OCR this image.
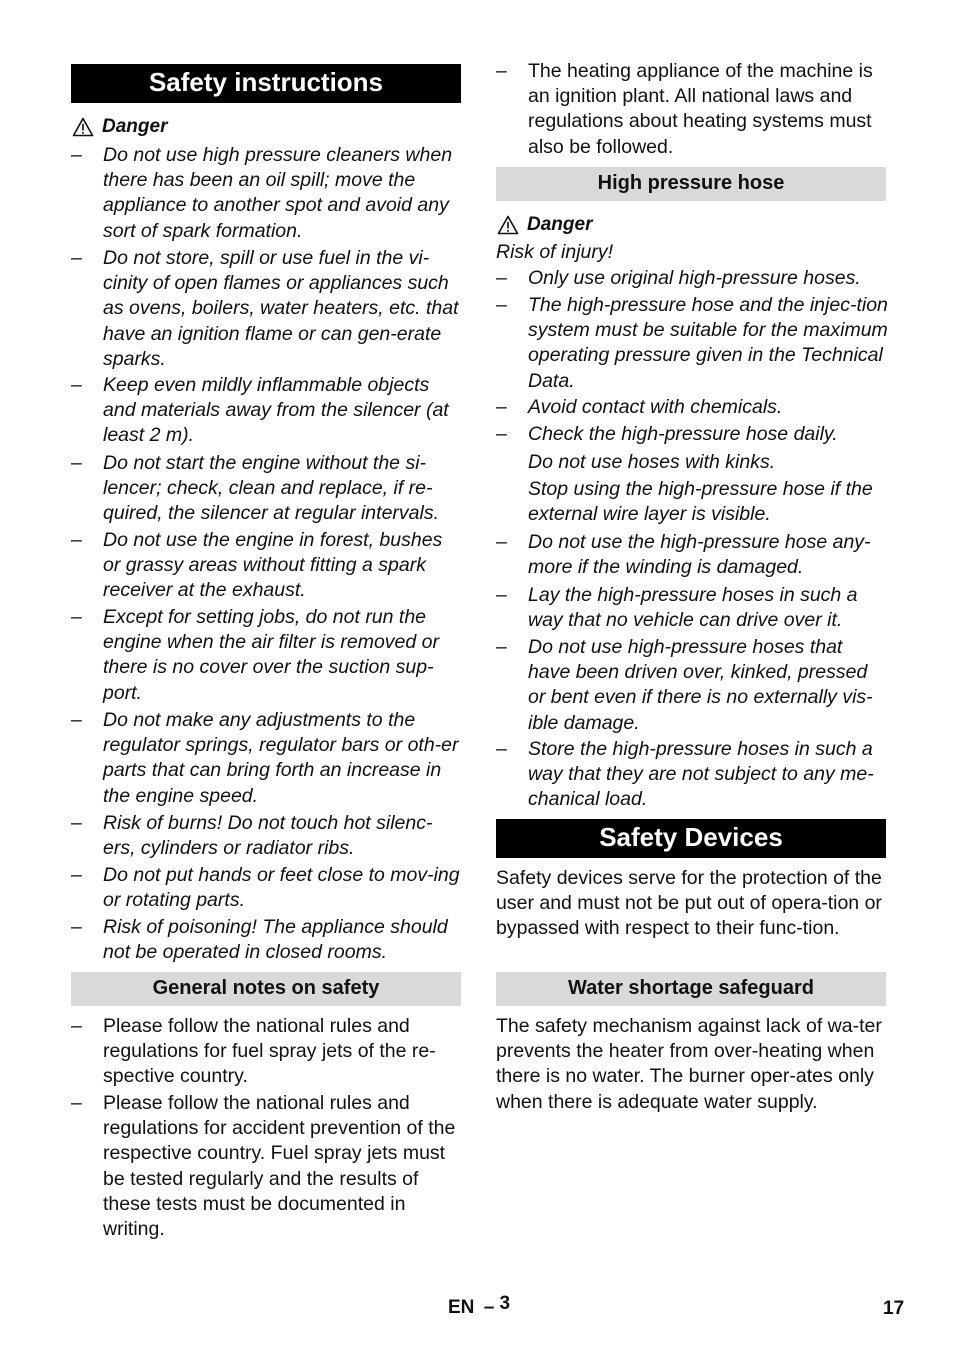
Safety instructions
Danger
– Do not use high pressure cleaners when there has been an oil spill; move the appliance to another spot and avoid any sort of spark formation.
– Do not store, spill or use fuel in the vi-cinity of open flames or appliances such as ovens, boilers, water heaters, etc. that have an ignition flame or can gen-erate sparks.
– Keep even mildly inflammable objects and materials away from the silencer (at least 2 m).
– Do not start the engine without the si-lencer; check, clean and replace, if re-quired, the silencer at regular intervals.
– Do not use the engine in forest, bushes or grassy areas without fitting a spark receiver at the exhaust.
– Except for setting jobs, do not run the engine when the air filter is removed or there is no cover over the suction sup-port.
– Do not make any adjustments to the regulator springs, regulator bars or oth-er parts that can bring forth an increase in the engine speed.
– Risk of burns! Do not touch hot silenc-ers, cylinders or radiator ribs.
– Do not put hands or feet close to mov-ing or rotating parts.
– Risk of poisoning! The appliance should not be operated in closed rooms.
General notes on safety
– Please follow the national rules and regulations for fuel spray jets of the re-spective country.
– Please follow the national rules and regulations for accident prevention of the respective country. Fuel spray jets must be tested regularly and the results of these tests must be documented in writing.
– The heating appliance of the machine is an ignition plant. All national laws and regulations about heating systems must also be followed.
High pressure hose
Danger
Risk of injury!
– Only use original high-pressure hoses.
– The high-pressure hose and the injec-tion system must be suitable for the maximum operating pressure given in the Technical Data.
– Avoid contact with chemicals.
– Check the high-pressure hose daily.
Do not use hoses with kinks.
Stop using the high-pressure hose if the external wire layer is visible.
– Do not use the high-pressure hose any-more if the winding is damaged.
– Lay the high-pressure hoses in such a way that no vehicle can drive over it.
– Do not use high-pressure hoses that have been driven over, kinked, pressed or bent even if there is no externally vis-ible damage.
– Store the high-pressure hoses in such a way that they are not subject to any me-chanical load.
Safety Devices
Safety devices serve for the protection of the user and must not be put out of opera-tion or bypassed with respect to their func-tion.
Water shortage safeguard
The safety mechanism against lack of wa-ter prevents the heater from over-heating when there is no water. The burner oper-ates only when there is adequate water supply.
EN – 3	17
